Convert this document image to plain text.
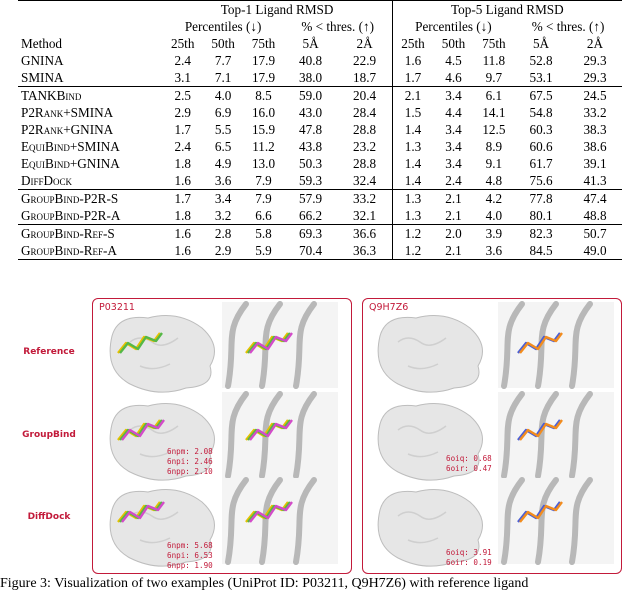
	Top-1 Ligand RMSD					Top-5 Ligand RMSD				
	Percentiles (↓)			% < thres. (↑)		Percentiles (↓)			% < thres. (↑)	
Method	25th	50th	75th	5Å	2Å	25th	50th	75th	5Å	2Å
GNINA	2.4	7.7	17.9	40.8	22.9	1.6	4.5	11.8	52.8	29.3
SMINA	3.1	7.1	17.9	38.0	18.7	1.7	4.6	9.7	53.1	29.3
TANKBind	2.5	4.0	8.5	59.0	20.4	2.1	3.4	6.1	67.5	24.5
P2Rank+SMINA	2.9	6.9	16.0	43.0	28.4	1.5	4.4	14.1	54.8	33.2
P2Rank+GNINA	1.7	5.5	15.9	47.8	28.8	1.4	3.4	12.5	60.3	38.3
EquiBind+SMINA	2.4	6.5	11.2	43.8	23.2	1.3	3.4	8.9	60.6	38.6
EquiBind+GNINA	1.8	4.9	13.0	50.3	28.8	1.4	3.4	9.1	61.7	39.1
DiffDock	1.6	3.6	7.9	59.3	32.4	1.4	2.4	4.8	75.6	41.3
GroupBind-P2R-S	1.7	3.4	7.9	57.9	33.2	1.3	2.1	4.2	77.8	47.4
GroupBind-P2R-A	1.8	3.2	6.6	66.2	32.1	1.3	2.1	4.0	80.1	48.8
GroupBind-Ref-S	1.6	2.8	5.8	69.3	36.6	1.2	2.0	3.9	82.3	50.7
GroupBind-Ref-A	1.6	2.9	5.9	70.4	36.3	1.2	2.1	3.6	84.5	49.0
P03211	Q9H7Z6
Reference
GroupBind
DiffDock
6npm: 2.08
6npi: 2.46
6npp: 2.10
6npm: 5.68
6npi: 6.53
6npp: 1.90
6oiq: 0.68
6oir: 0.47
6oiq: 3.91
6oir: 0.19
Figure 3: Visualization of two examples (UniProt ID: P03211, Q9H7Z6) with reference ligand
